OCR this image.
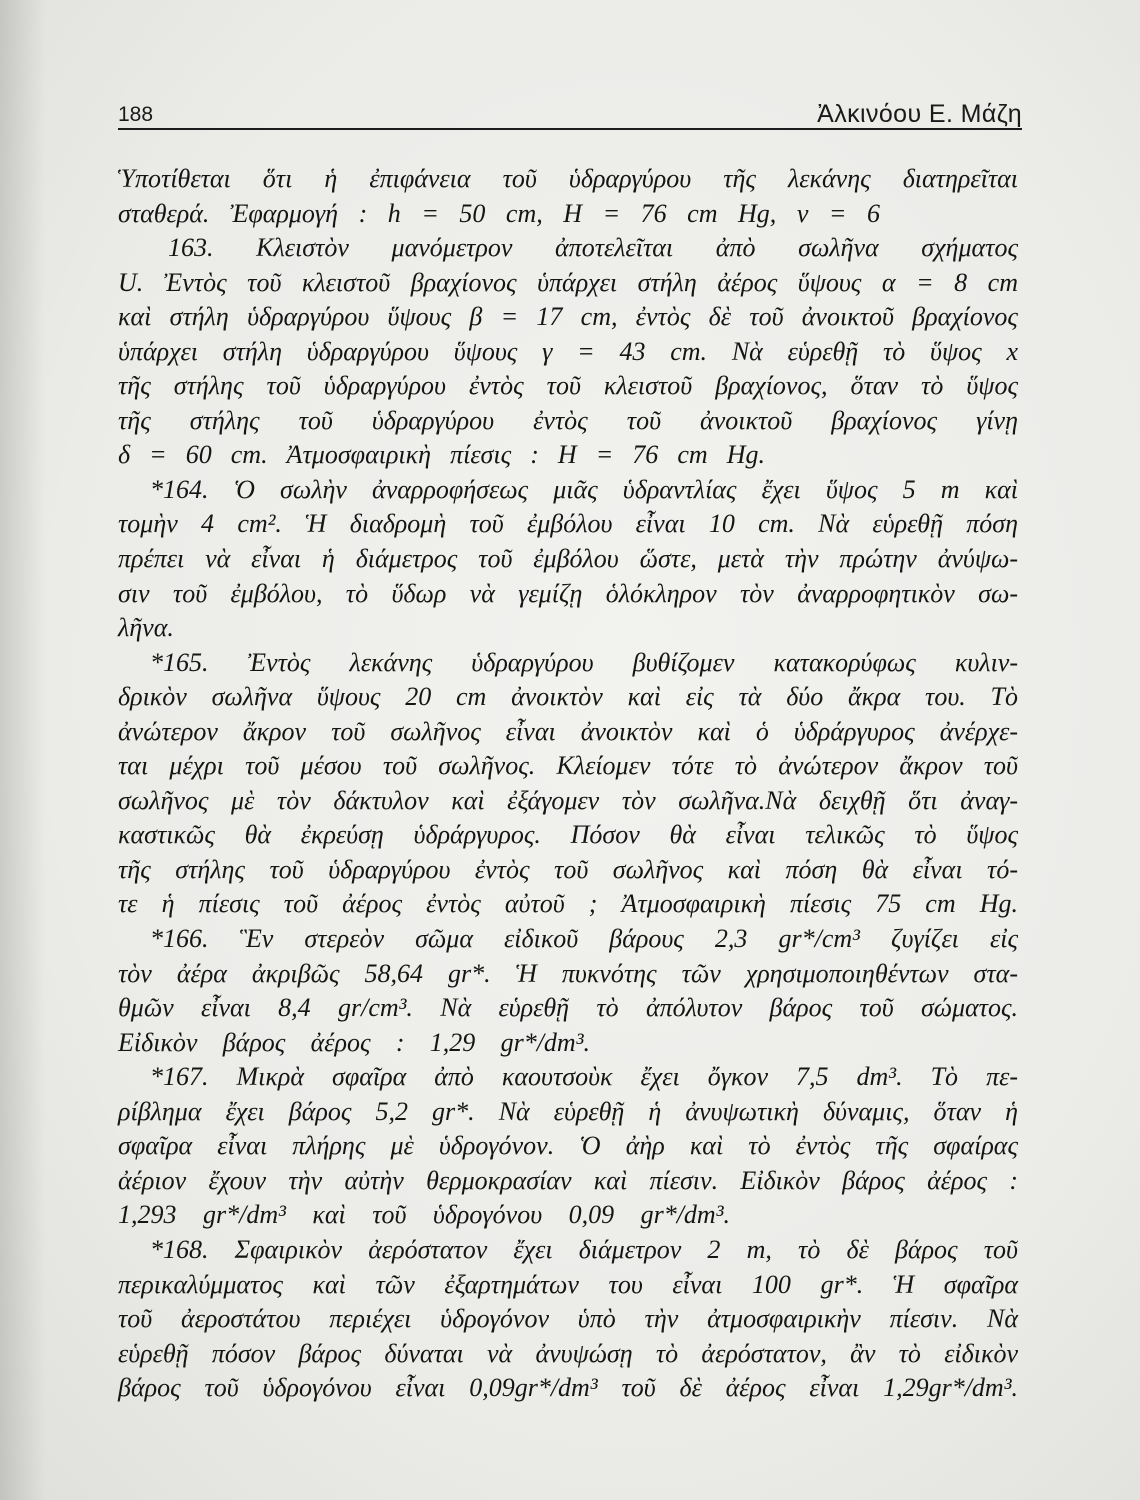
188	Ἀλκινόου Ε. Μάζη
Ὑποτίθεται ὅτι ἡ ἐπιφάνεια τοῦ ὑδραργύρου τῆς λεκάνης διατηρεῖται
σταθερά. Ἐφαρμογή : h = 50 cm, H = 76 cm Hg, ν = 6
163. Κλειστὸν μανόμετρον ἀποτελεῖται ἀπὸ σωλῆνα σχήματος
U. Ἐντὸς τοῦ κλειστοῦ βραχίονος ὑπάρχει στήλη ἀέρος ὕψους α = 8 cm
καὶ στήλη ὑδραργύρου ὕψους β = 17 cm, ἐντὸς δὲ τοῦ ἀνοικτοῦ βραχίονος
ὑπάρχει στήλη ὑδραργύρου ὕψους γ = 43 cm. Νὰ εὑρεθῇ τὸ ὕψος x
τῆς στήλης τοῦ ὑδραργύρου ἐντὸς τοῦ κλειστοῦ βραχίονος, ὅταν τὸ ὕψος
τῆς στήλης τοῦ ὑδραργύρου ἐντὸς τοῦ ἀνοικτοῦ βραχίονος γίνῃ
δ = 60 cm. Ἀτμοσφαιρικὴ πίεσις : H = 76 cm Hg.
*164. Ὁ σωλὴν ἀναρροφήσεως μιᾶς ὑδραντλίας ἔχει ὕψος 5 m καὶ
τομὴν 4 cm². Ἡ διαδρομὴ τοῦ ἐμβόλου εἶναι 10 cm. Νὰ εὑρεθῇ πόση
πρέπει νὰ εἶναι ἡ διάμετρος τοῦ ἐμβόλου ὥστε, μετὰ τὴν πρώτην ἀνύψω-
σιν τοῦ ἐμβόλου, τὸ ὕδωρ νὰ γεμίζῃ ὁλόκληρον τὸν ἀναρροφητικὸν σω-
λῆνα.
*165. Ἐντὸς λεκάνης ὑδραργύρου βυθίζομεν κατακορύφως κυλιν-
δρικὸν σωλῆνα ὕψους 20 cm ἀνοικτὸν καὶ εἰς τὰ δύο ἄκρα του. Τὸ
ἀνώτερον ἄκρον τοῦ σωλῆνος εἶναι ἀνοικτὸν καὶ ὁ ὑδράργυρος ἀνέρχε-
ται μέχρι τοῦ μέσου τοῦ σωλῆνος. Κλείομεν τότε τὸ ἀνώτερον ἄκρον τοῦ
σωλῆνος μὲ τὸν δάκτυλον καὶ ἐξάγομεν τὸν σωλῆνα.Νὰ δειχθῇ ὅτι ἀναγ-
καστικῶς θὰ ἐκρεύσῃ ὑδράργυρος. Πόσον θὰ εἶναι τελικῶς τὸ ὕψος
τῆς στήλης τοῦ ὑδραργύρου ἐντὸς τοῦ σωλῆνος καὶ πόση θὰ εἶναι τό-
τε ἡ πίεσις τοῦ ἀέρος ἐντὸς αὐτοῦ ; Ἀτμοσφαιρικὴ πίεσις 75 cm Hg.
*166. Ἓν στερεὸν σῶμα εἰδικοῦ βάρους 2,3 gr*/cm³ ζυγίζει εἰς
τὸν ἀέρα ἀκριβῶς 58,64 gr*. Ἡ πυκνότης τῶν χρησιμοποιηθέντων στα-
θμῶν εἶναι 8,4 gr/cm³. Νὰ εὑρεθῇ τὸ ἀπόλυτον βάρος τοῦ σώματος.
Εἰδικὸν βάρος ἀέρος : 1,29 gr*/dm³.
*167. Μικρὰ σφαῖρα ἀπὸ καουτσοὺκ ἔχει ὄγκον 7,5 dm³. Τὸ πε-
ρίβλημα ἔχει βάρος 5,2 gr*. Νὰ εὑρεθῇ ἡ ἀνυψωτικὴ δύναμις, ὅταν ἡ
σφαῖρα εἶναι πλήρης μὲ ὑδρογόνον. Ὁ ἀὴρ καὶ τὸ ἐντὸς τῆς σφαίρας
ἀέριον ἔχουν τὴν αὐτὴν θερμοκρασίαν καὶ πίεσιν. Εἰδικὸν βάρος ἀέρος :
1,293 gr*/dm³ καὶ τοῦ ὑδρογόνου 0,09 gr*/dm³.
*168. Σφαιρικὸν ἀερόστατον ἔχει διάμετρον 2 m, τὸ δὲ βάρος τοῦ
περικαλύμματος καὶ τῶν ἐξαρτημάτων του εἶναι 100 gr*. Ἡ σφαῖρα
τοῦ ἀεροστάτου περιέχει ὑδρογόνον ὑπὸ τὴν ἀτμοσφαιρικὴν πίεσιν. Νὰ
εὑρεθῇ πόσον βάρος δύναται νὰ ἀνυψώσῃ τὸ ἀερόστατον, ἂν τὸ εἰδικὸν
βάρος τοῦ ὑδρογόνου εἶναι 0,09gr*/dm³ τοῦ δὲ ἀέρος εἶναι 1,29gr*/dm³.
